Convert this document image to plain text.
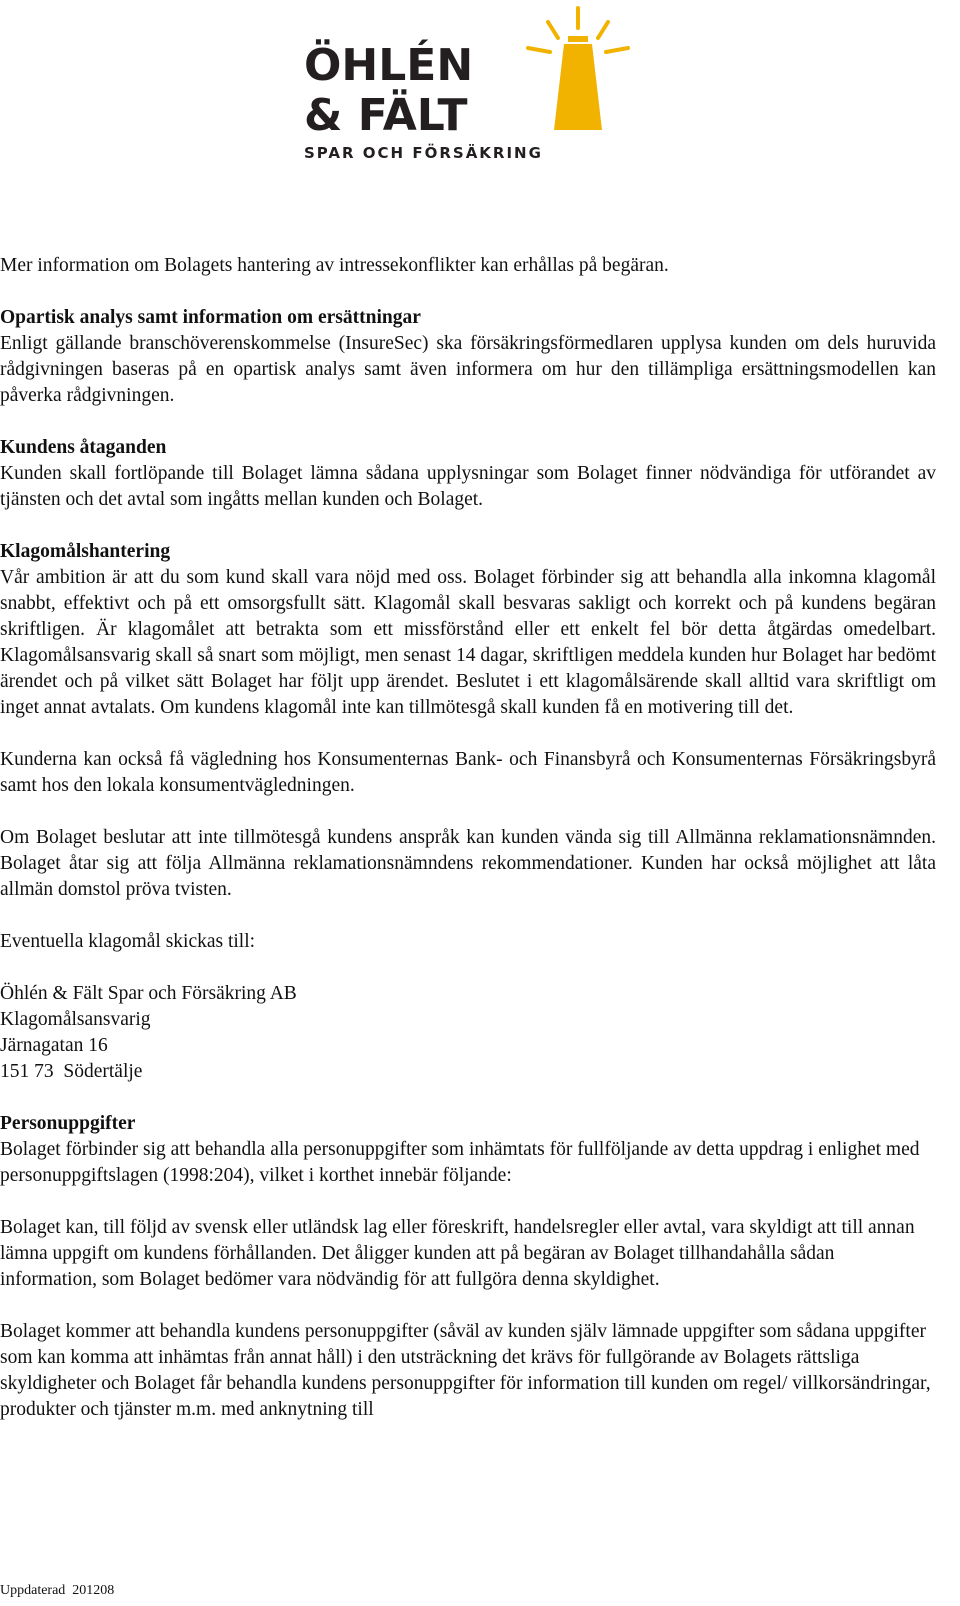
ÖHLÉN
& FÄLT
SPAR OCH FÖRSÄKRING

Mer information om Bolagets hantering av intressekonflikter kan erhållas på begäran.

Opartisk analys samt information om ersättningar

Enligt gällande branschöverenskommelse (InsureSec) ska försäkringsförmedlaren upplysa kunden om dels huruvida rådgivningen baseras på en opartisk analys samt även informera om hur den tillämpliga ersättningsmodellen kan påverka rådgivningen.

Kundens åtaganden

Kunden skall fortlöpande till Bolaget lämna sådana upplysningar som Bolaget finner nödvändiga för utförandet av tjänsten och det avtal som ingåtts mellan kunden och Bolaget.

Klagomålshantering

Vår ambition är att du som kund skall vara nöjd med oss. Bolaget förbinder sig att behandla alla inkomna klagomål snabbt, effektivt och på ett omsorgsfullt sätt. Klagomål skall besvaras sakligt och korrekt och på kundens begäran skriftligen. Är klagomålet att betrakta som ett missförstånd eller ett enkelt fel bör detta åtgärdas omedelbart. Klagomålsansvarig skall så snart som möjligt, men senast 14 dagar, skriftligen meddela kunden hur Bolaget har bedömt ärendet och på vilket sätt Bolaget har följt upp ärendet. Beslutet i ett klagomålsärende skall alltid vara skriftligt om inget annat avtalats. Om kundens klagomål inte kan tillmötesgå skall kunden få en motivering till det.

Kunderna kan också få vägledning hos Konsumenternas Bank- och Finansbyrå och Konsumenternas Försäkringsbyrå samt hos den lokala konsumentvägledningen.

Om Bolaget beslutar att inte tillmötesgå kundens anspråk kan kunden vända sig till Allmänna reklamationsnämnden. Bolaget åtar sig att följa Allmänna reklamationsnämndens rekommendationer. Kunden har också möjlighet att låta allmän domstol pröva tvisten.

Eventuella klagomål skickas till:

Öhlén & Fält Spar och Försäkring AB
Klagomålsansvarig
Järnagatan 16
151 73  Södertälje

Personuppgifter

Bolaget förbinder sig att behandla alla personuppgifter som inhämtats för fullföljande av detta uppdrag i enlighet med personuppgiftslagen (1998:204), vilket i korthet innebär följande:

Bolaget kan, till följd av svensk eller utländsk lag eller föreskrift, handelsregler eller avtal, vara skyldigt att till annan lämna uppgift om kundens förhållanden. Det åligger kunden att på begäran av Bolaget tillhandahålla sådan information, som Bolaget bedömer vara nödvändig för att fullgöra denna skyldighet.

Bolaget kommer att behandla kundens personuppgifter (såväl av kunden själv lämnade uppgifter som sådana uppgifter som kan komma att inhämtas från annat håll) i den utsträckning det krävs för fullgörande av Bolagets rättsliga skyldigheter och Bolaget får behandla kundens personuppgifter för information till kunden om regel/ villkorsändringar, produkter och tjänster m.m. med anknytning till

Uppdaterad  201208
